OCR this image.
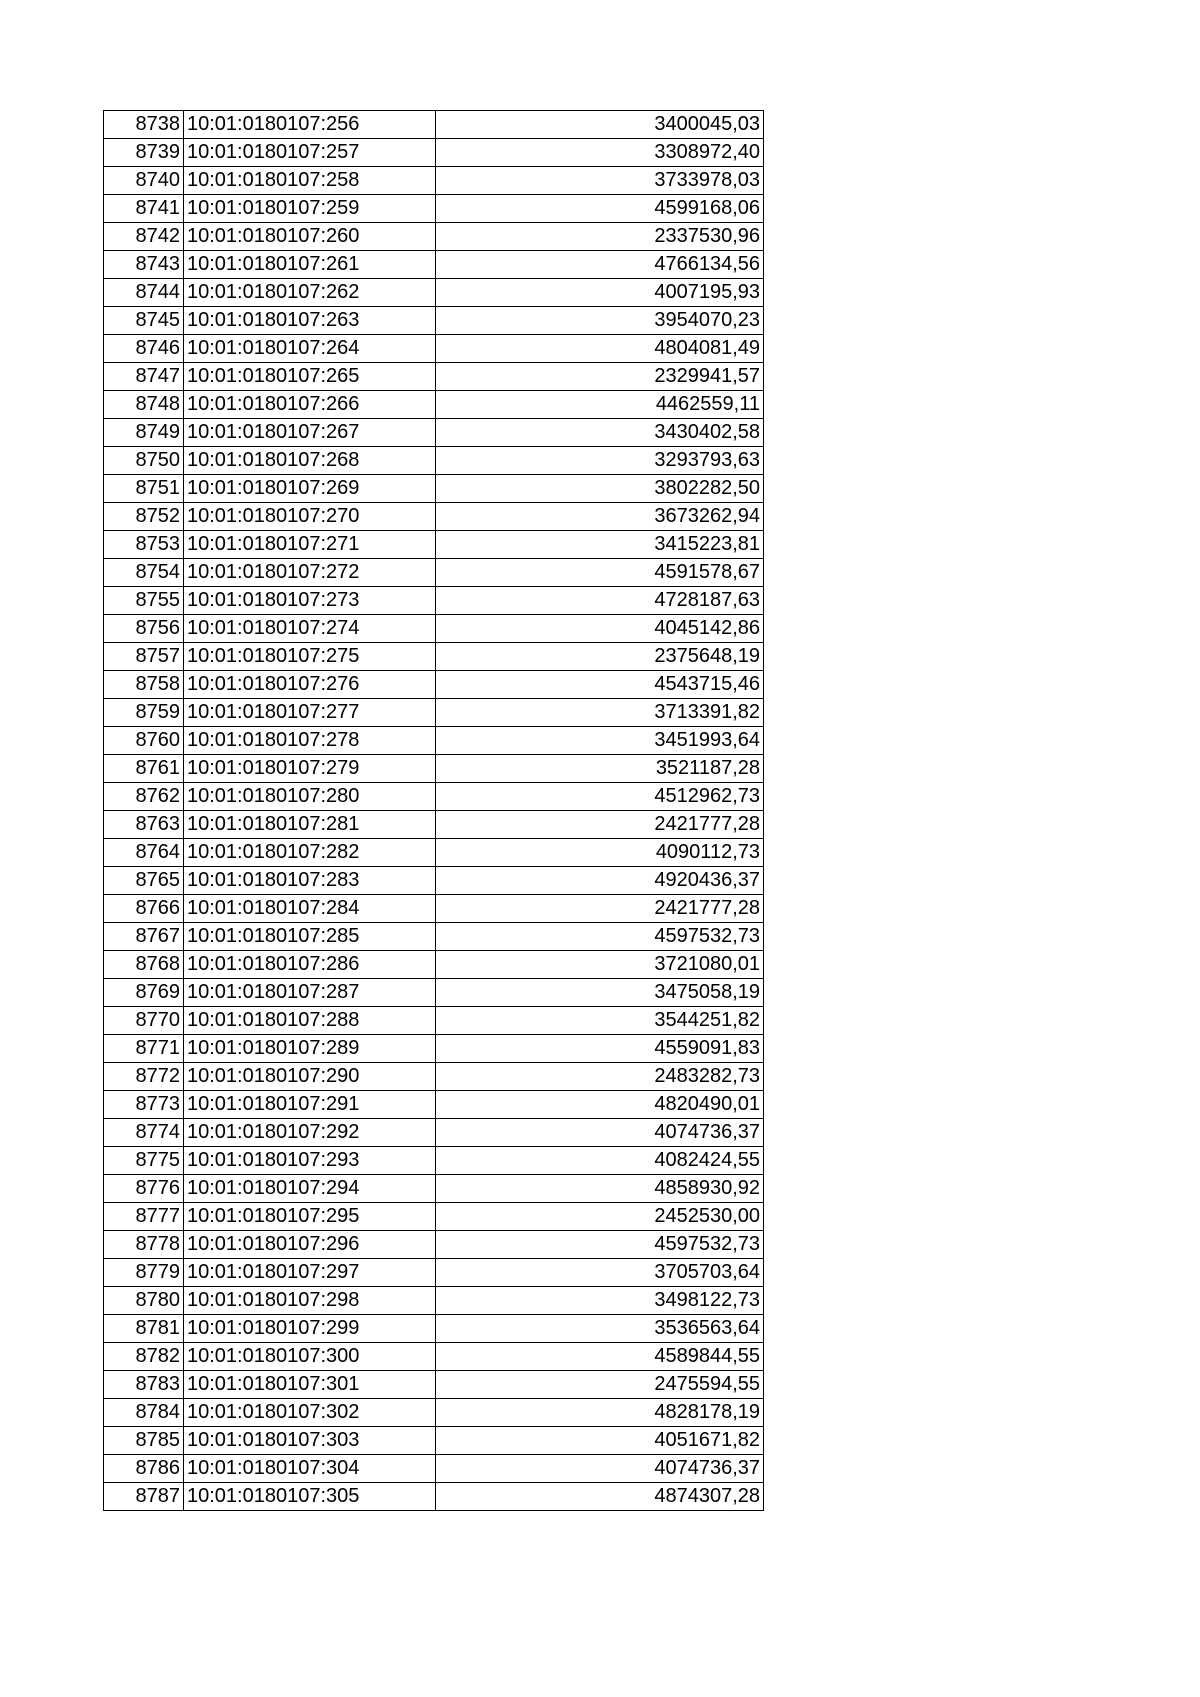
8738	10:01:0180107:256	3400045,03
8739	10:01:0180107:257	3308972,40
8740	10:01:0180107:258	3733978,03
8741	10:01:0180107:259	4599168,06
8742	10:01:0180107:260	2337530,96
8743	10:01:0180107:261	4766134,56
8744	10:01:0180107:262	4007195,93
8745	10:01:0180107:263	3954070,23
8746	10:01:0180107:264	4804081,49
8747	10:01:0180107:265	2329941,57
8748	10:01:0180107:266	4462559,11
8749	10:01:0180107:267	3430402,58
8750	10:01:0180107:268	3293793,63
8751	10:01:0180107:269	3802282,50
8752	10:01:0180107:270	3673262,94
8753	10:01:0180107:271	3415223,81
8754	10:01:0180107:272	4591578,67
8755	10:01:0180107:273	4728187,63
8756	10:01:0180107:274	4045142,86
8757	10:01:0180107:275	2375648,19
8758	10:01:0180107:276	4543715,46
8759	10:01:0180107:277	3713391,82
8760	10:01:0180107:278	3451993,64
8761	10:01:0180107:279	3521187,28
8762	10:01:0180107:280	4512962,73
8763	10:01:0180107:281	2421777,28
8764	10:01:0180107:282	4090112,73
8765	10:01:0180107:283	4920436,37
8766	10:01:0180107:284	2421777,28
8767	10:01:0180107:285	4597532,73
8768	10:01:0180107:286	3721080,01
8769	10:01:0180107:287	3475058,19
8770	10:01:0180107:288	3544251,82
8771	10:01:0180107:289	4559091,83
8772	10:01:0180107:290	2483282,73
8773	10:01:0180107:291	4820490,01
8774	10:01:0180107:292	4074736,37
8775	10:01:0180107:293	4082424,55
8776	10:01:0180107:294	4858930,92
8777	10:01:0180107:295	2452530,00
8778	10:01:0180107:296	4597532,73
8779	10:01:0180107:297	3705703,64
8780	10:01:0180107:298	3498122,73
8781	10:01:0180107:299	3536563,64
8782	10:01:0180107:300	4589844,55
8783	10:01:0180107:301	2475594,55
8784	10:01:0180107:302	4828178,19
8785	10:01:0180107:303	4051671,82
8786	10:01:0180107:304	4074736,37
8787	10:01:0180107:305	4874307,28
